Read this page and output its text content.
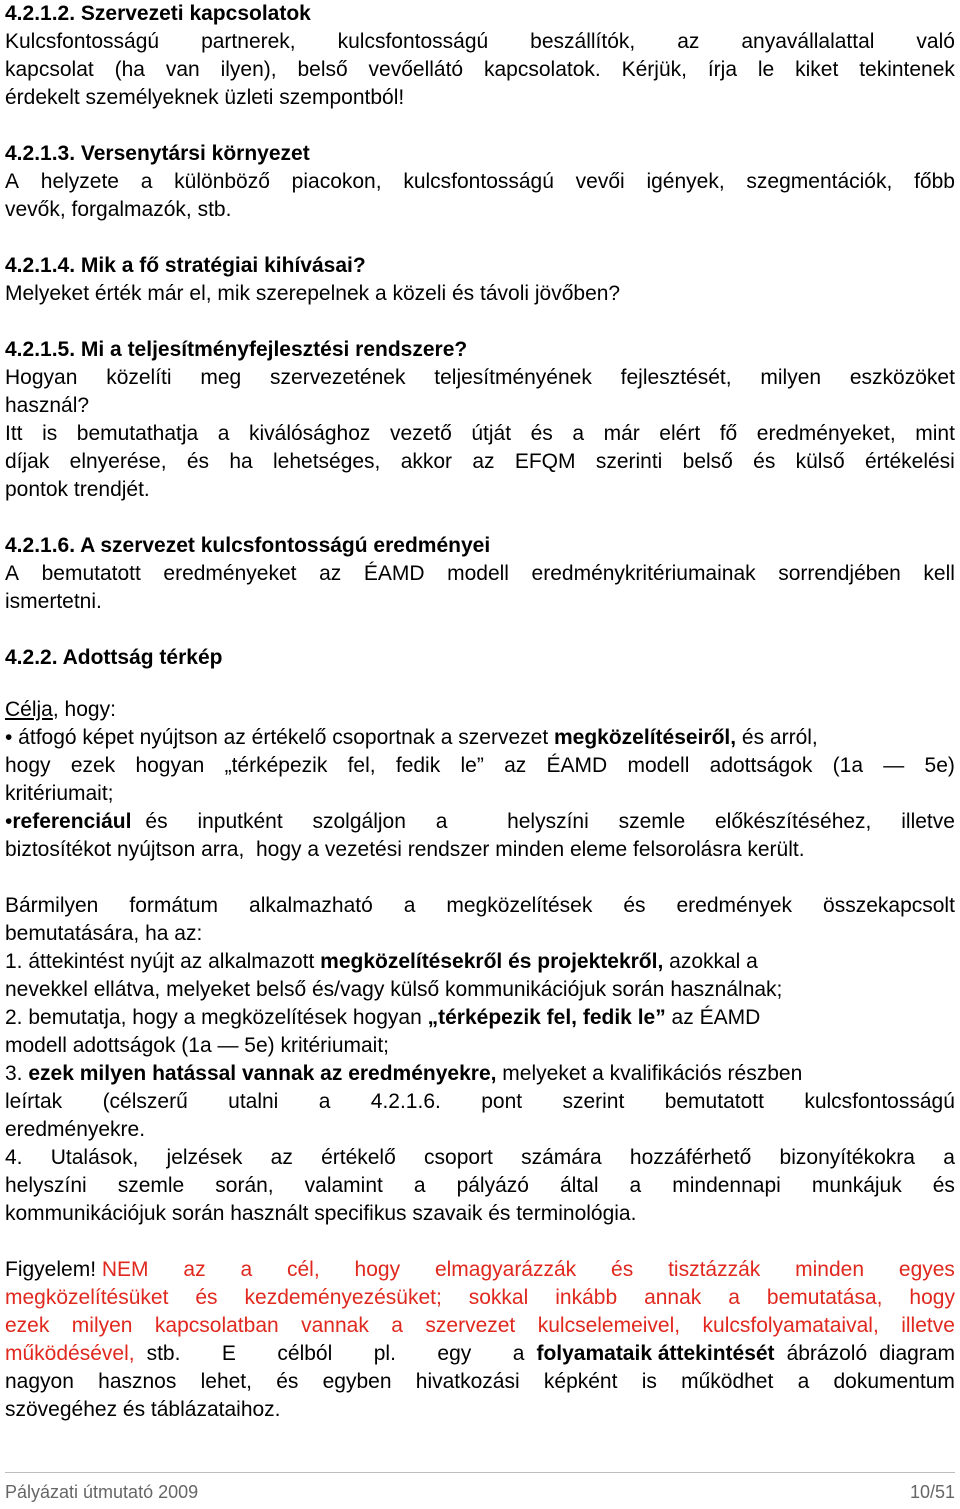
4.2.1.2. Szervezeti kapcsolatok
Kulcsfontosságú partnerek, kulcsfontosságú beszállítók, az anyavállalattal való
kapcsolat (ha van ilyen), belső vevőellátó kapcsolatok. Kérjük, írja le kiket tekintenek
érdekelt személyeknek üzleti szempontból!
4.2.1.3. Versenytársi környezet
A helyzete a különböző piacokon, kulcsfontosságú vevői igények, szegmentációk, főbb
vevők, forgalmazók, stb.
4.2.1.4. Mik a fő stratégiai kihívásai?
Melyeket érték már el, mik szerepelnek a közeli és távoli jövőben?
4.2.1.5. Mi a teljesítményfejlesztési rendszere?
Hogyan közelíti meg szervezetének teljesítményének fejlesztését, milyen eszközöket
használ?
Itt is bemutathatja a kiválósághoz vezető útját és a már elért fő eredményeket, mint
díjak elnyerése, és ha lehetséges, akkor az EFQM szerinti belső és külső értékelési
pontok trendjét.
4.2.1.6. A szervezet kulcsfontosságú eredményei
A bemutatott eredményeket az ÉAMD modell eredménykritériumainak sorrendjében kell
ismertetni.
4.2.2. Adottság térkép
Célja, hogy:
• átfogó képet nyújtson az értékelő csoportnak a szervezet megközelítéseiről, és arról,
hogy ezek hogyan „térképezik fel, fedik le” az ÉAMD modell adottságok (1a — 5e)
kritériumait;
• referenciául és inputként szolgáljon a	helyszíni szemle előkészítéséhez, illetve
biztosítékot nyújtson arra,  hogy a vezetési rendszer minden eleme felsorolásra került.
Bármilyen formátum alkalmazható a megközelítések és eredmények összekapcsolt
bemutatására, ha az:
1. áttekintést nyújt az alkalmazott megközelítésekről és projektekről, azokkal a
nevekkel ellátva, melyeket belső és/vagy külső kommunikációjuk során használnak;
2. bemutatja, hogy a megközelítések hogyan „térképezik fel, fedik le” az ÉAMD
modell adottságok (1a — 5e) kritériumait;
3. ezek milyen hatással vannak az eredményekre, melyeket a kvalifikációs részben
leírtak (célszerű utalni a 4.2.1.6. pont szerint bemutatott kulcsfontosságú
eredményekre.
4. Utalások, jelzések az értékelő csoport számára hozzáférhető bizonyítékokra a
helyszíni szemle során, valamint a pályázó által a mindennapi munkájuk és
kommunikációjuk során használt specifikus szavaik és terminológia.
Figyelem! NEM az a cél, hogy elmagyarázzák és tisztázzák minden egyes
megközelítésüket és kezdeményezésüket; sokkal inkább annak a bemutatása, hogy
ezek milyen kapcsolatban vannak a szervezet kulcselemeivel, kulcsfolyamataival, illetve
működésével, stb. E célból pl. egy a folyamataik áttekintését ábrázoló diagram
nagyon hasznos lehet, és egyben hivatkozási képként is működhet a dokumentum
szövegéhez és táblázataihoz.
Pályázati útmutató 2009	10/51
